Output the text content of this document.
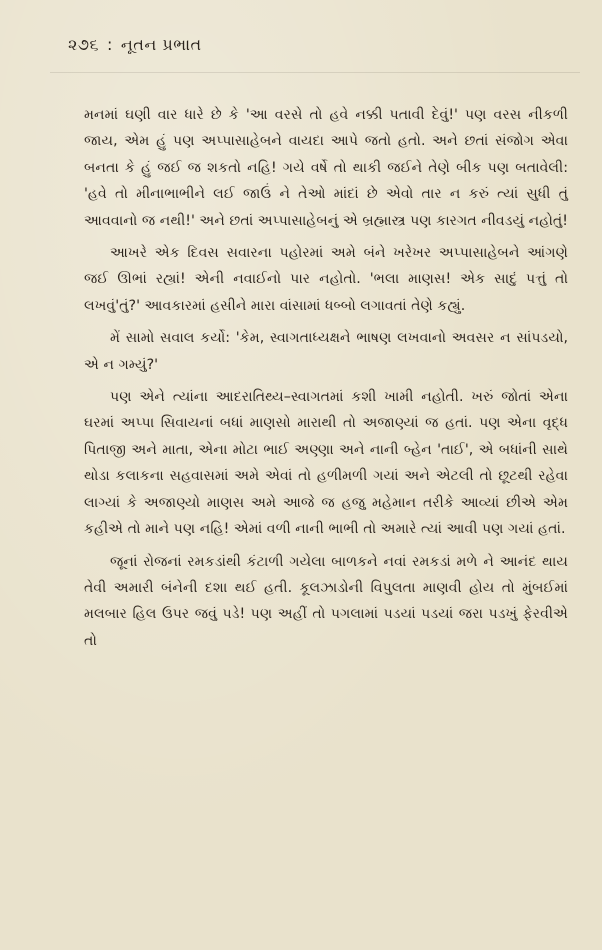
૨૭૬ : નૂતન પ્રભાત

મનમાં ઘણી વાર ધારે છે કે 'આ વરસે તો હવે નક્કી પતાવી દેવું!' પણ વરસ નીકળી જાય, એમ હું પણ અપ્પાસાહેબને વાયદા આપે જતો હતો. અને છતાં સંજોગ એવા બનતા કે હું જઈ જ શકતો નહિ! ગયે વર્ષે તો થાકી જઈને તેણે બીક પણ બતાવેલી: 'હવે તો મીનાભાભીને લઈ જાઉં ને તેઓ માંદાં છે એવો તાર ન કરું ત્યાં સુધી તું આવવાનો જ નથી!' અને છતાં અપ્પાસાહેબનું એ બ્રહ્માસ્ત્ર પણ કારગત નીવડયું નહોતું!

આખરે એક દિવસ સવારના પહોરમાં અમે બંને ખરેખર અપ્પાસાહેબને આંગણે જઈ ઊભાં રહ્યાં! એની નવાઈનો પાર નહોતો. 'ભલા માણસ! એક સાદું પત્તું તો લખવું'તું?' આવકારમાં હસીને મારા વાંસામાં ધબ્બો લગાવતાં તેણે કહ્યું.

મેં સામો સવાલ કર્યો: 'કેમ, સ્વાગતાધ્યક્ષને ભાષણ લખવાનો અવસર ન સાંપડયો, એ ન ગમ્યું?'

પણ એને ત્યાંના આદરાતિથ્ય–સ્વાગતમાં કશી ખામી નહોતી. ખરું જોતાં એના ઘરમાં અપ્પા સિવાયનાં બધાં માણસો મારાથી તો અજાણ્યાં જ હતાં. પણ એના વૃદ્ધ પિતાજી અને માતા, એના મોટા ભાઈ અણ્ણા અને નાની બ્હેન 'તાઈ', એ બધાંની સાથે થોડા કલાકના સહવાસમાં અમે એવાં તો હળીમળી ગયાં અને એટલી તો છૂટથી રહેવા લાગ્યાં કે અજાણ્યો માણસ અમે આજે જ હજુ મહેમાન તરીકે આવ્યાં છીએ એમ કહીએ તો માને પણ નહિ! એમાં વળી નાની ભાભી તો અમારે ત્યાં આવી પણ ગયાં હતાં.

જૂનાં રોજનાં રમકડાંથી કંટાળી ગયેલા બાળકને નવાં રમકડાં મળે ને આનંદ થાય તેવી અમારી બંનેની દશા થઈ હતી. કૂલઝાડોની વિપુલતા માણવી હોય તો મુંબઈમાં મલબાર હિલ ઉપર જવું પડે! પણ અહીં તો પગલામાં પડયાં પડયાં જરા પડખું ફેરવીએ તો
